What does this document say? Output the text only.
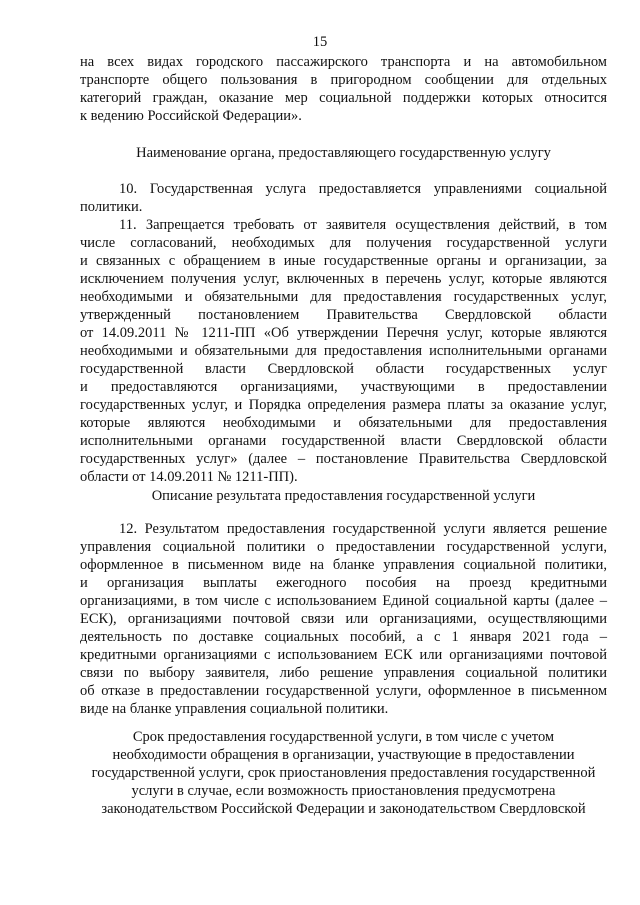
15
на всех видах городского пассажирского транспорта и на автомобильном
транспорте общего пользования в пригородном сообщении для отдельных
категорий граждан, оказание мер социальной поддержки которых относится
к ведению Российской Федерации».
Наименование органа, предоставляющего государственную услугу
10. Государственная услуга предоставляется управлениями социальной
политики.
11. Запрещается требовать от заявителя осуществления действий, в том
числе согласований, необходимых для получения государственной услуги
и связанных с обращением в иные государственные органы и организации, за
исключением получения услуг, включенных в перечень услуг, которые являются
необходимыми и обязательными для предоставления государственных услуг,
утвержденный постановлением Правительства Свердловской области
от 14.09.2011 № 1211-ПП «Об утверждении Перечня услуг, которые являются
необходимыми и обязательными для предоставления исполнительными органами
государственной власти Свердловской области государственных услуг
и предоставляются организациями, участвующими в предоставлении
государственных услуг, и Порядка определения размера платы за оказание услуг,
которые являются необходимыми и обязательными для предоставления
исполнительными органами государственной власти Свердловской области
государственных услуг» (далее – постановление Правительства Свердловской
области от 14.09.2011 № 1211-ПП).
Описание результата предоставления государственной услуги
12. Результатом предоставления государственной услуги является решение
управления социальной политики о предоставлении государственной услуги,
оформленное в письменном виде на бланке управления социальной политики,
и организация выплаты ежегодного пособия на проезд кредитными
организациями, в том числе с использованием Единой социальной карты (далее –
ЕСК), организациями почтовой связи или организациями, осуществляющими
деятельность по доставке социальных пособий, а с 1 января 2021 года –
кредитными организациями с использованием ЕСК или организациями почтовой
связи по выбору заявителя, либо решение управления социальной политики
об отказе в предоставлении государственной услуги, оформленное в письменном
виде на бланке управления социальной политики.
Срок предоставления государственной услуги, в том числе с учетом
необходимости обращения в организации, участвующие в предоставлении
государственной услуги, срок приостановления предоставления государственной
услуги в случае, если возможность приостановления предусмотрена
законодательством Российской Федерации и законодательством Свердловской
